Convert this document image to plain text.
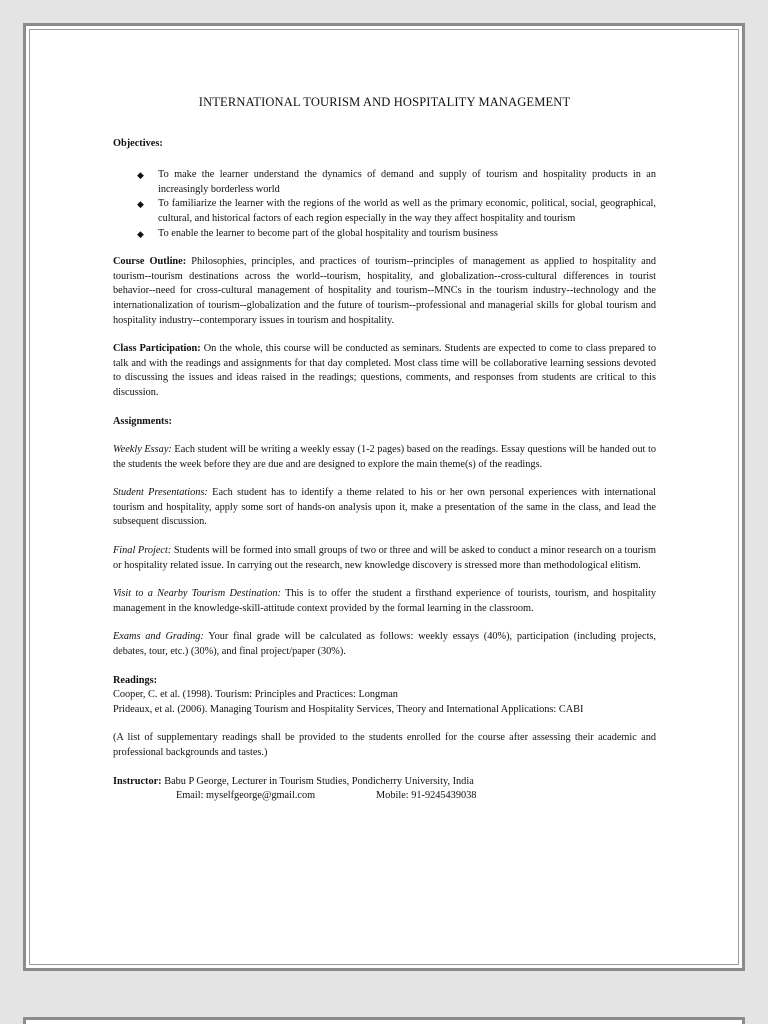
INTERNATIONAL TOURISM AND HOSPITALITY MANAGEMENT

Objectives:

◆ To make the learner understand the dynamics of demand and supply of tourism and hospitality products in an increasingly borderless world
◆ To familiarize the learner with the regions of the world as well as the primary economic, political, social, geographical, cultural, and historical factors of each region especially in the way they affect hospitality and tourism
◆ To enable the learner to become part of the global hospitality and tourism business

Course Outline: Philosophies, principles, and practices of tourism--principles of management as applied to hospitality and tourism--tourism destinations across the world--tourism, hospitality, and globalization--cross-cultural differences in tourist behavior--need for cross-cultural management of hospitality and tourism--MNCs in the tourism industry--technology and the internationalization of tourism--globalization and the future of tourism--professional and managerial skills for global tourism and hospitality industry--contemporary issues in tourism and hospitality.

Class Participation: On the whole, this course will be conducted as seminars. Students are expected to come to class prepared to talk and with the readings and assignments for that day completed. Most class time will be collaborative learning sessions devoted to discussing the issues and ideas raised in the readings; questions, comments, and responses from students are critical to this discussion.

Assignments:

Weekly Essay: Each student will be writing a weekly essay (1-2 pages) based on the readings. Essay questions will be handed out to the students the week before they are due and are designed to explore the main theme(s) of the readings.

Student Presentations: Each student has to identify a theme related to his or her own personal experiences with international tourism and hospitality, apply some sort of hands-on analysis upon it, make a presentation of the same in the class, and lead the subsequent discussion.

Final Project: Students will be formed into small groups of two or three and will be asked to conduct a minor research on a tourism or hospitality related issue. In carrying out the research, new knowledge discovery is stressed more than methodological elitism.

Visit to a Nearby Tourism Destination: This is to offer the student a firsthand experience of tourists, tourism, and hospitality management in the knowledge-skill-attitude context provided by the formal learning in the classroom.

Exams and Grading: Your final grade will be calculated as follows: weekly essays (40%), participation (including projects, debates, tour, etc.) (30%), and final project/paper (30%).

Readings:

Cooper, C. et al. (1998). Tourism: Principles and Practices: Longman

Prideaux, et al. (2006). Managing Tourism and Hospitality Services, Theory and International Applications: CABI

(A list of supplementary readings shall be provided to the students enrolled for the course after assessing their academic and professional backgrounds and tastes.)

Instructor: Babu P George, Lecturer in Tourism Studies, Pondicherry University, India

Email: myselfgeorge@gmail.com	Mobile: 91-9245439038
